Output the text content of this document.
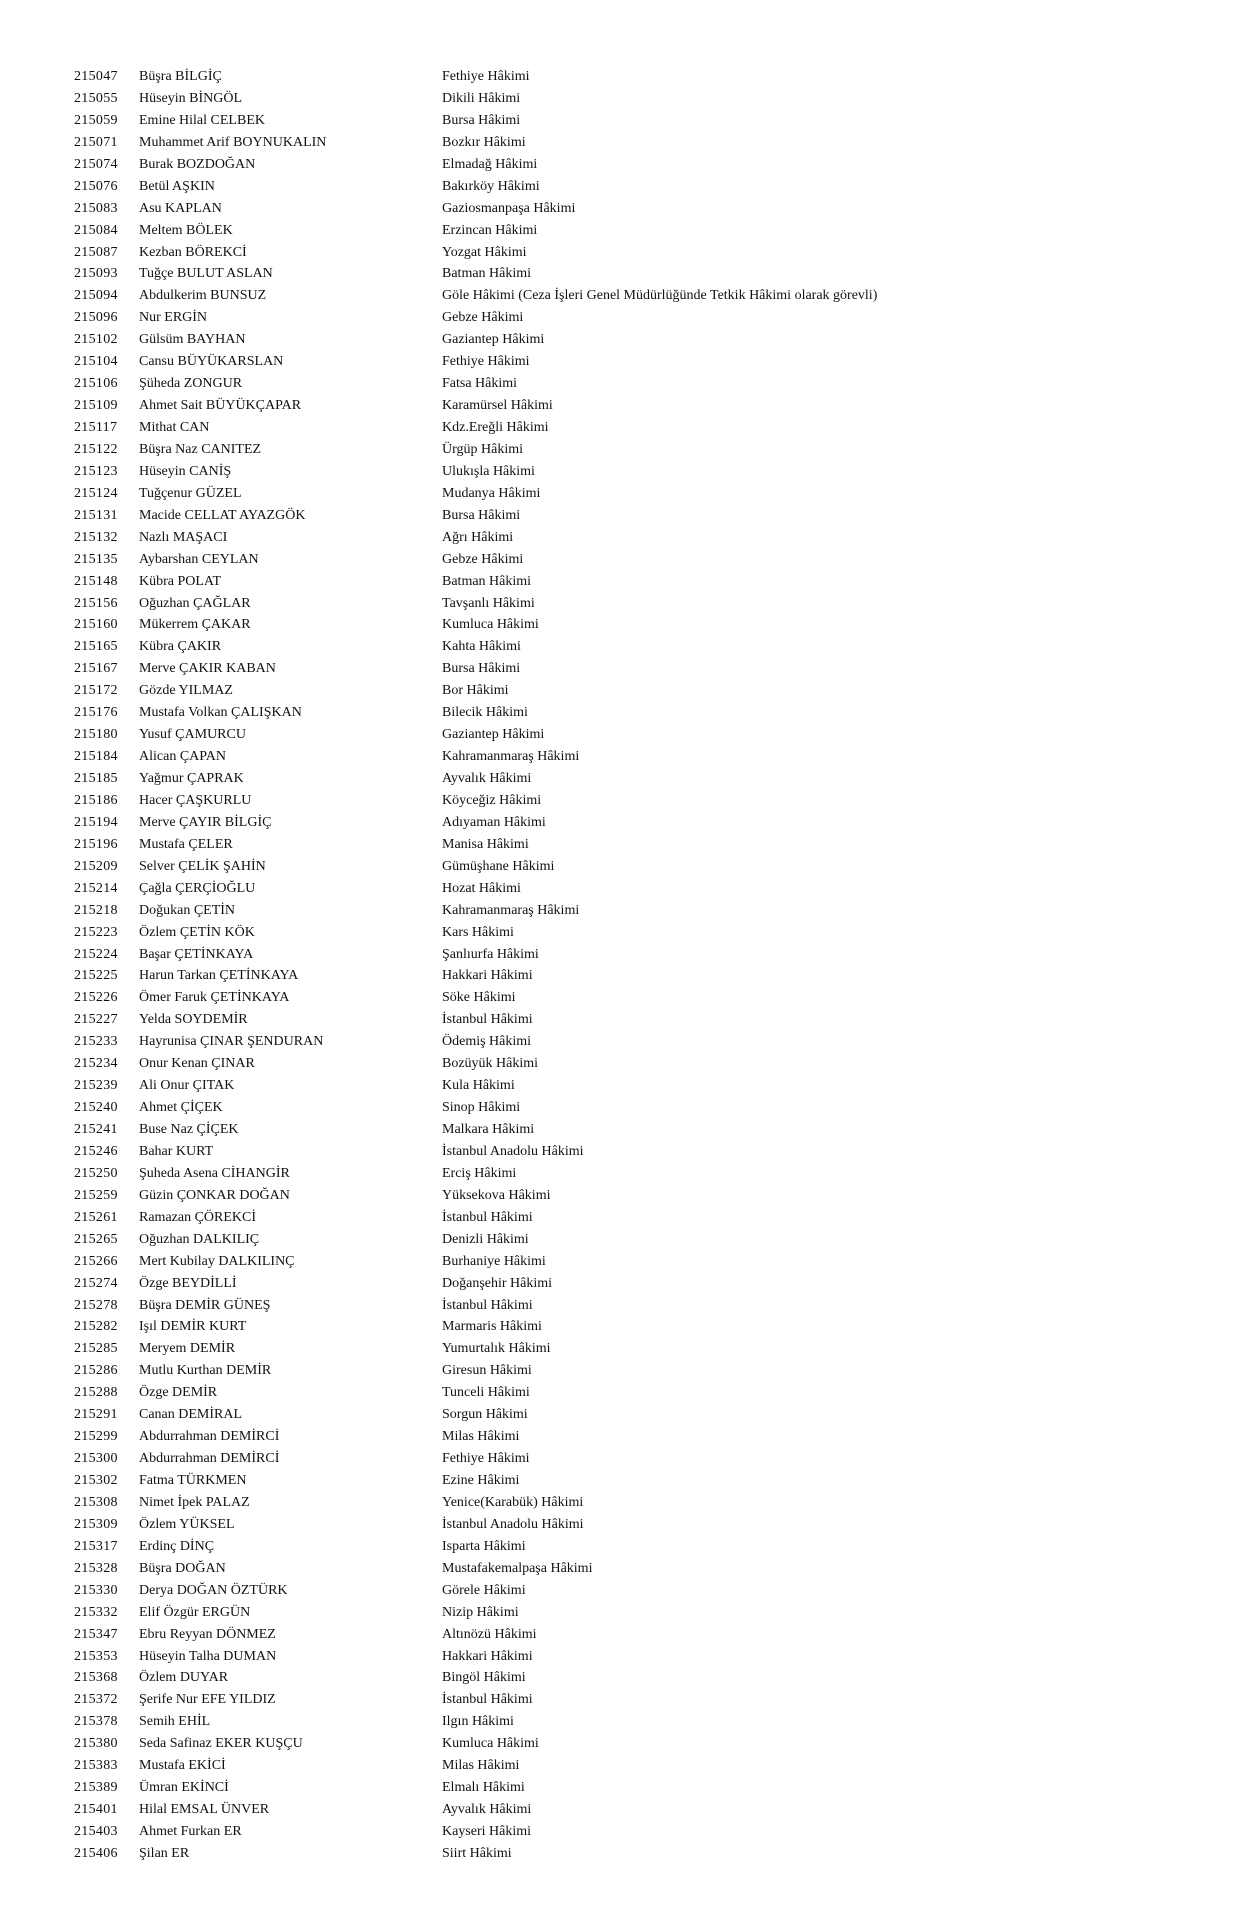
215047 Büşra BİLGİÇ	Fethiye Hâkimi
215055 Hüseyin BİNGÖL	Dikili Hâkimi
215059 Emine Hilal CELBEK	Bursa Hâkimi
215071 Muhammet Arif BOYNUKALIN	Bozkır Hâkimi
215074 Burak BOZDOĞAN	Elmadağ Hâkimi
215076 Betül AŞKIN	Bakırköy Hâkimi
215083 Asu KAPLAN	Gaziosmanpaşa Hâkimi
215084 Meltem BÖLEK	Erzincan Hâkimi
215087 Kezban BÖREKCİ	Yozgat Hâkimi
215093 Tuğçe BULUT ASLAN	Batman Hâkimi
215094 Abdulkerim BUNSUZ	Göle Hâkimi (Ceza İşleri Genel Müdürlüğünde Tetkik Hâkimi olarak görevli)
215096 Nur ERGİN	Gebze Hâkimi
215102 Gülsüm BAYHAN	Gaziantep Hâkimi
215104 Cansu BÜYÜKARSLAN	Fethiye Hâkimi
215106 Şüheda ZONGUR	Fatsa Hâkimi
215109 Ahmet Sait BÜYÜKÇAPAR	Karamürsel Hâkimi
215117 Mithat CAN	Kdz.Ereğli Hâkimi
215122 Büşra Naz CANITEZ	Ürgüp Hâkimi
215123 Hüseyin CANİŞ	Ulukışla Hâkimi
215124 Tuğçenur GÜZEL	Mudanya Hâkimi
215131 Macide CELLAT AYAZGÖK	Bursa Hâkimi
215132 Nazlı MAŞACI	Ağrı Hâkimi
215135 Aybarshan CEYLAN	Gebze Hâkimi
215148 Kübra POLAT	Batman Hâkimi
215156 Oğuzhan ÇAĞLAR	Tavşanlı Hâkimi
215160 Mükerrem ÇAKAR	Kumluca Hâkimi
215165 Kübra ÇAKIR	Kahta Hâkimi
215167 Merve ÇAKIR KABAN	Bursa Hâkimi
215172 Gözde YILMAZ	Bor Hâkimi
215176 Mustafa Volkan ÇALIŞKAN	Bilecik Hâkimi
215180 Yusuf ÇAMURCU	Gaziantep Hâkimi
215184 Alican ÇAPAN	Kahramanmaraş Hâkimi
215185 Yağmur ÇAPRAK	Ayvalık Hâkimi
215186 Hacer ÇAŞKURLU	Köyceğiz Hâkimi
215194 Merve ÇAYIR BİLGİÇ	Adıyaman Hâkimi
215196 Mustafa ÇELER	Manisa Hâkimi
215209 Selver ÇELİK ŞAHİN	Gümüşhane Hâkimi
215214 Çağla ÇERÇİOĞLU	Hozat Hâkimi
215218 Doğukan ÇETİN	Kahramanmaraş Hâkimi
215223 Özlem ÇETİN KÖK	Kars Hâkimi
215224 Başar ÇETİNKAYA	Şanlıurfa Hâkimi
215225 Harun Tarkan ÇETİNKAYA	Hakkari Hâkimi
215226 Ömer Faruk ÇETİNKAYA	Söke Hâkimi
215227 Yelda SOYDEMİR	İstanbul Hâkimi
215233 Hayrunisa ÇINAR ŞENDURAN	Ödemiş Hâkimi
215234 Onur Kenan ÇINAR	Bozüyük Hâkimi
215239 Ali Onur ÇITAK	Kula Hâkimi
215240 Ahmet ÇİÇEK	Sinop Hâkimi
215241 Buse Naz ÇİÇEK	Malkara Hâkimi
215246 Bahar KURT	İstanbul Anadolu Hâkimi
215250 Şuheda Asena CİHANGİR	Erciş Hâkimi
215259 Güzin ÇONKAR DOĞAN	Yüksekova Hâkimi
215261 Ramazan ÇÖREKCİ	İstanbul Hâkimi
215265 Oğuzhan DALKILIÇ	Denizli Hâkimi
215266 Mert Kubilay DALKILINÇ	Burhaniye Hâkimi
215274 Özge BEYDİLLİ	Doğanşehir Hâkimi
215278 Büşra DEMİR GÜNEŞ	İstanbul Hâkimi
215282 Işıl DEMİR KURT	Marmaris Hâkimi
215285 Meryem DEMİR	Yumurtalık Hâkimi
215286 Mutlu Kurthan DEMİR	Giresun Hâkimi
215288 Özge DEMİR	Tunceli Hâkimi
215291 Canan DEMİRAL	Sorgun Hâkimi
215299 Abdurrahman DEMİRCİ	Milas Hâkimi
215300 Abdurrahman DEMİRCİ	Fethiye Hâkimi
215302 Fatma TÜRKMEN	Ezine Hâkimi
215308 Nimet İpek PALAZ	Yenice(Karabük) Hâkimi
215309 Özlem YÜKSEL	İstanbul Anadolu Hâkimi
215317 Erdinç DİNÇ	Isparta Hâkimi
215328 Büşra DOĞAN	Mustafakemalpaşa Hâkimi
215330 Derya DOĞAN ÖZTÜRK	Görele Hâkimi
215332 Elif Özgür ERGÜN	Nizip Hâkimi
215347 Ebru Reyyan DÖNMEZ	Altınözü Hâkimi
215353 Hüseyin Talha DUMAN	Hakkari Hâkimi
215368 Özlem DUYAR	Bingöl Hâkimi
215372 Şerife Nur EFE YILDIZ	İstanbul Hâkimi
215378 Semih EHİL	Ilgın Hâkimi
215380 Seda Safinaz EKER KUŞÇU	Kumluca Hâkimi
215383 Mustafa EKİCİ	Milas Hâkimi
215389 Ümran EKİNCİ	Elmalı Hâkimi
215401 Hilal EMSAL ÜNVER	Ayvalık Hâkimi
215403 Ahmet Furkan ER	Kayseri Hâkimi
215406 Şilan ER	Siirt Hâkimi
